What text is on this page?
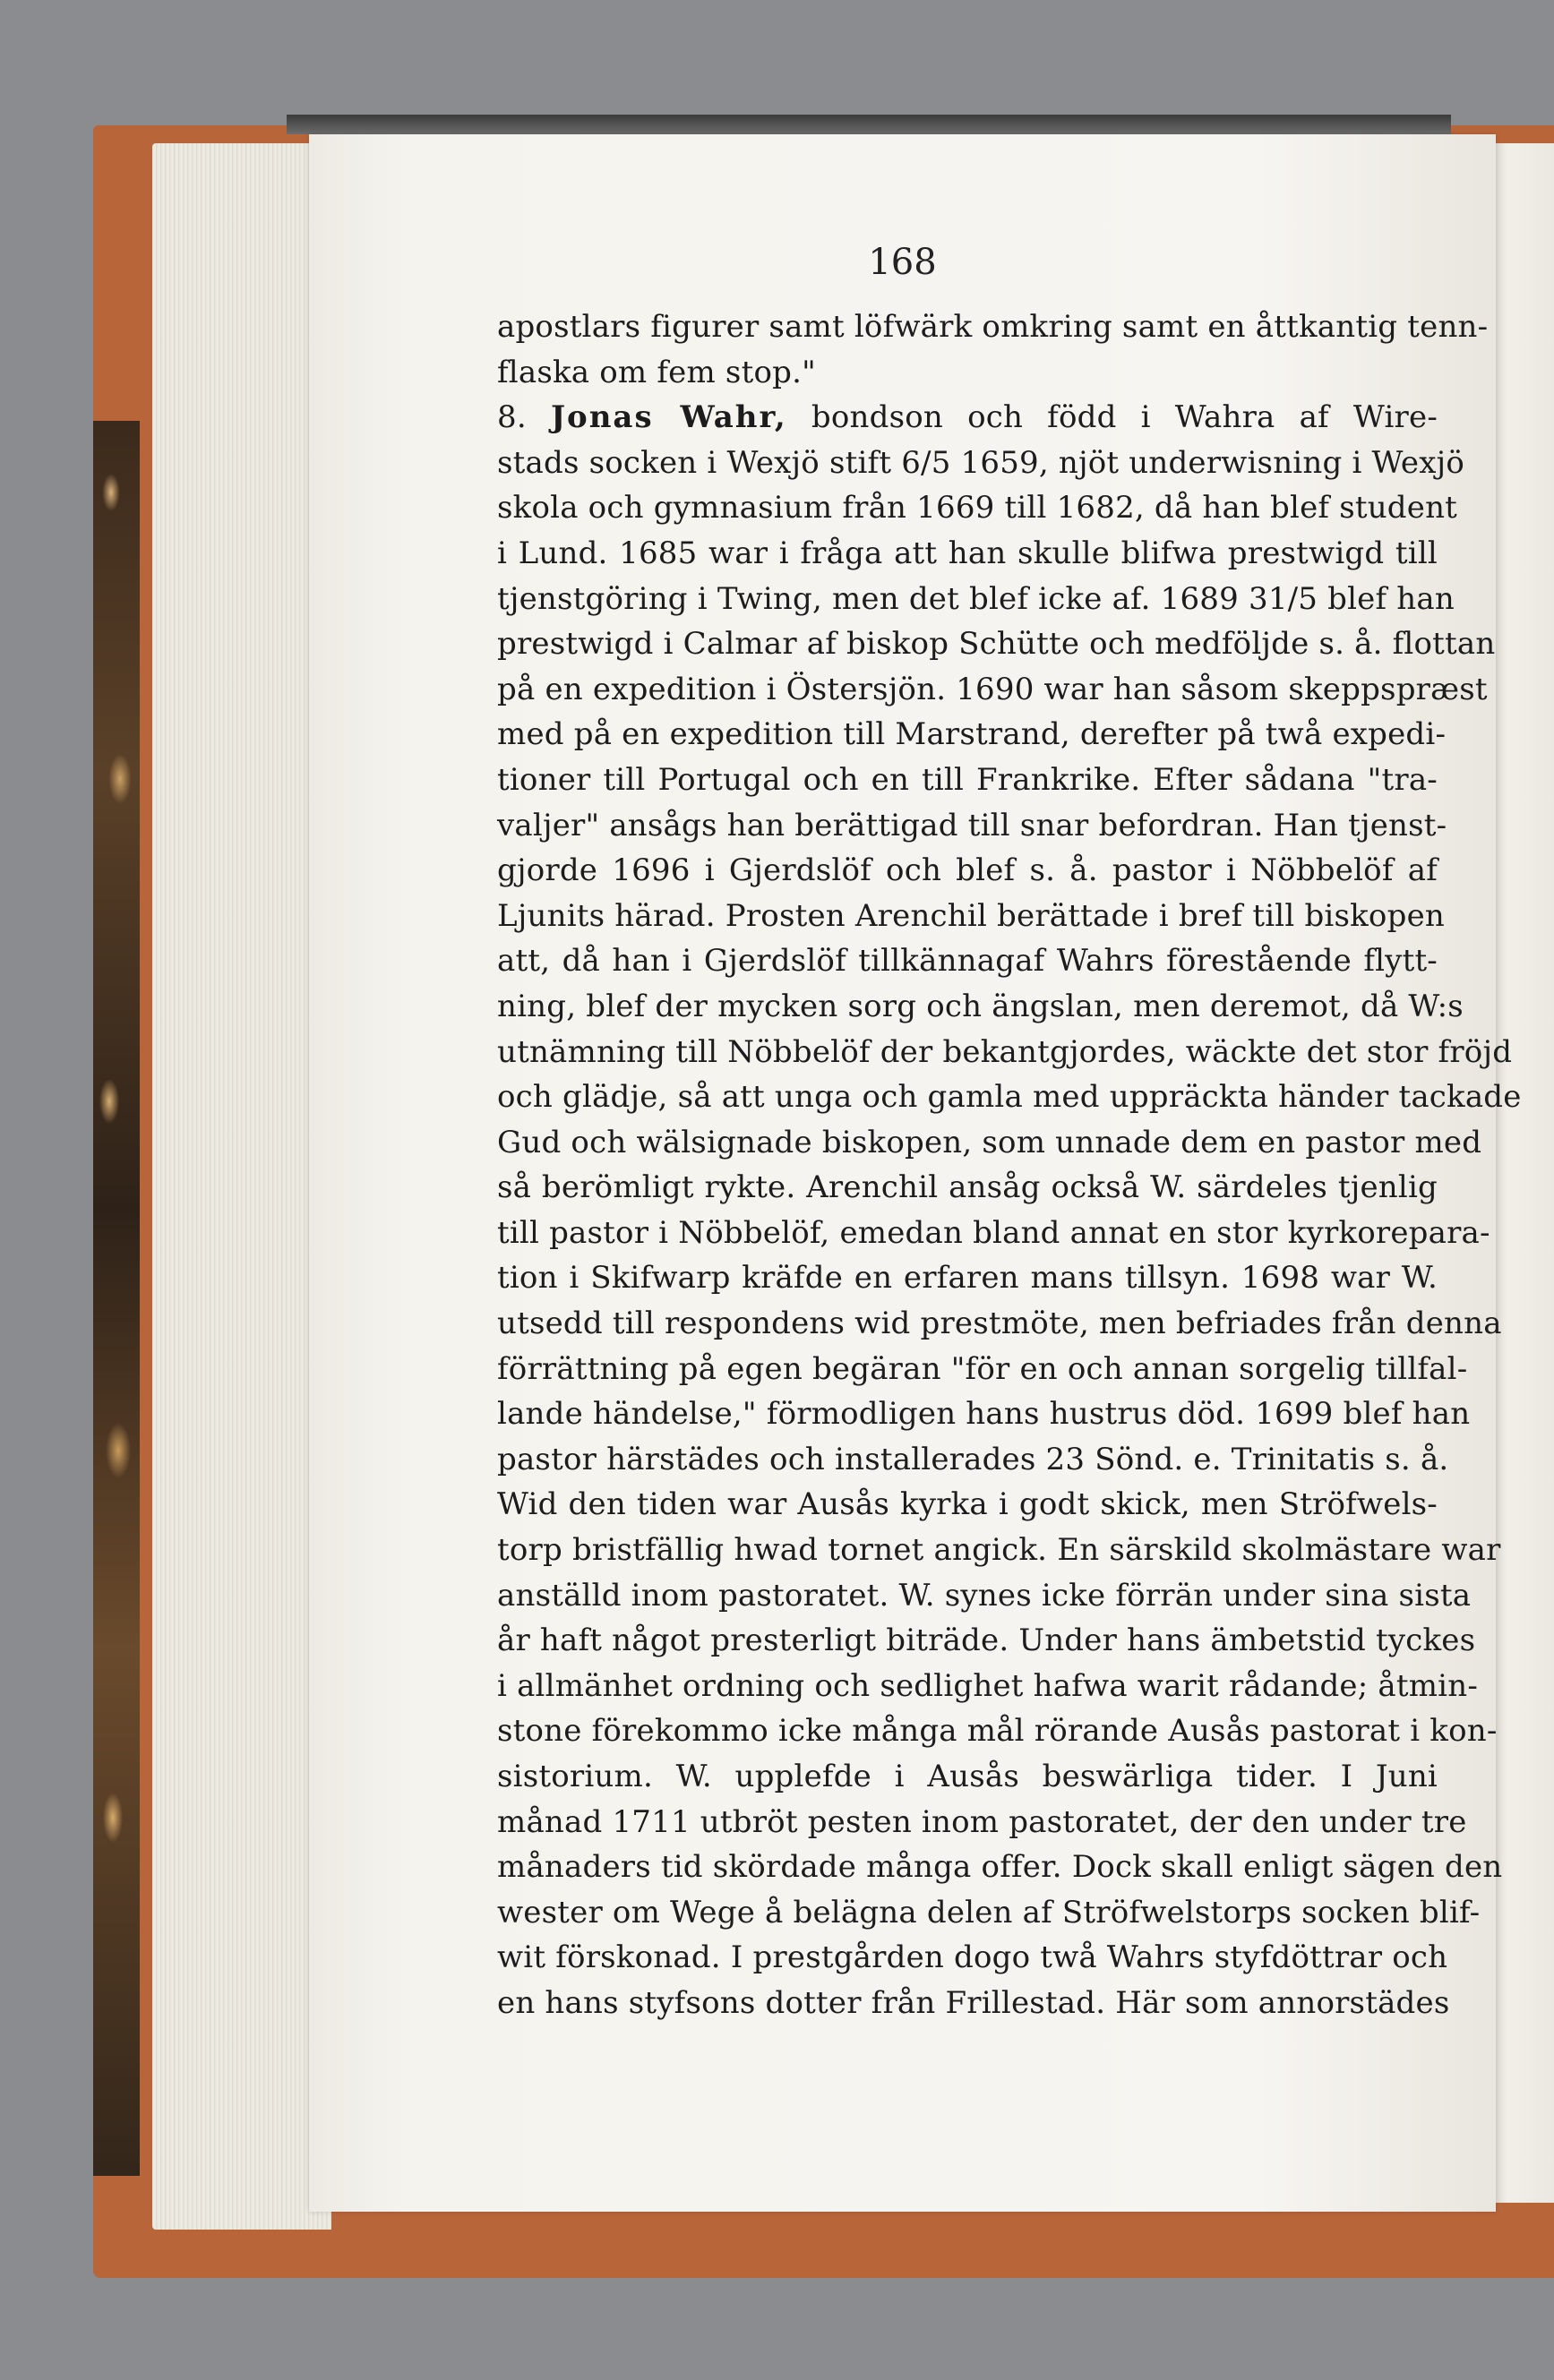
168
apostlars figurer samt löfwärk omkring samt en åttkantig tenn-
flaska om fem stop."
8. Jonas Wahr, bondson och född i Wahra af Wire-
stads socken i Wexjö stift 6/5 1659, njöt underwisning i Wexjö
skola och gymnasium från 1669 till 1682, då han blef student
i Lund. 1685 war i fråga att han skulle blifwa prestwigd till
tjenstgöring i Twing, men det blef icke af. 1689 31/5 blef han
prestwigd i Calmar af biskop Schütte och medföljde s. å. flottan
på en expedition i Östersjön. 1690 war han såsom skeppspræst
med på en expedition till Marstrand, derefter på twå expedi-
tioner till Portugal och en till Frankrike. Efter sådana "tra-
valjer" ansågs han berättigad till snar befordran. Han tjenst-
gjorde 1696 i Gjerdslöf och blef s. å. pastor i Nöbbelöf af
Ljunits härad. Prosten Arenchil berättade i bref till biskopen
att, då han i Gjerdslöf tillkännagaf Wahrs förestående flytt-
ning, blef der mycken sorg och ängslan, men deremot, då W:s
utnämning till Nöbbelöf der bekantgjordes, wäckte det stor fröjd
och glädje, så att unga och gamla med uppräckta händer tackade
Gud och wälsignade biskopen, som unnade dem en pastor med
så berömligt rykte. Arenchil ansåg också W. särdeles tjenlig
till pastor i Nöbbelöf, emedan bland annat en stor kyrkorepara-
tion i Skifwarp kräfde en erfaren mans tillsyn. 1698 war W.
utsedd till respondens wid prestmöte, men befriades från denna
förrättning på egen begäran "för en och annan sorgelig tillfal-
lande händelse," förmodligen hans hustrus död. 1699 blef han
pastor härstädes och installerades 23 Sönd. e. Trinitatis s. å.
Wid den tiden war Ausås kyrka i godt skick, men Ströfwels-
torp bristfällig hwad tornet angick. En särskild skolmästare war
anställd inom pastoratet. W. synes icke förrän under sina sista
år haft något presterligt biträde. Under hans ämbetstid tyckes
i allmänhet ordning och sedlighet hafwa warit rådande; åtmin-
stone förekommo icke många mål rörande Ausås pastorat i kon-
sistorium. W. upplefde i Ausås beswärliga tider. I Juni
månad 1711 utbröt pesten inom pastoratet, der den under tre
månaders tid skördade många offer. Dock skall enligt sägen den
wester om Wege å belägna delen af Ströfwelstorps socken blif-
wit förskonad. I prestgården dogo twå Wahrs styfdöttrar och
en hans styfsons dotter från Frillestad. Här som annorstädes
